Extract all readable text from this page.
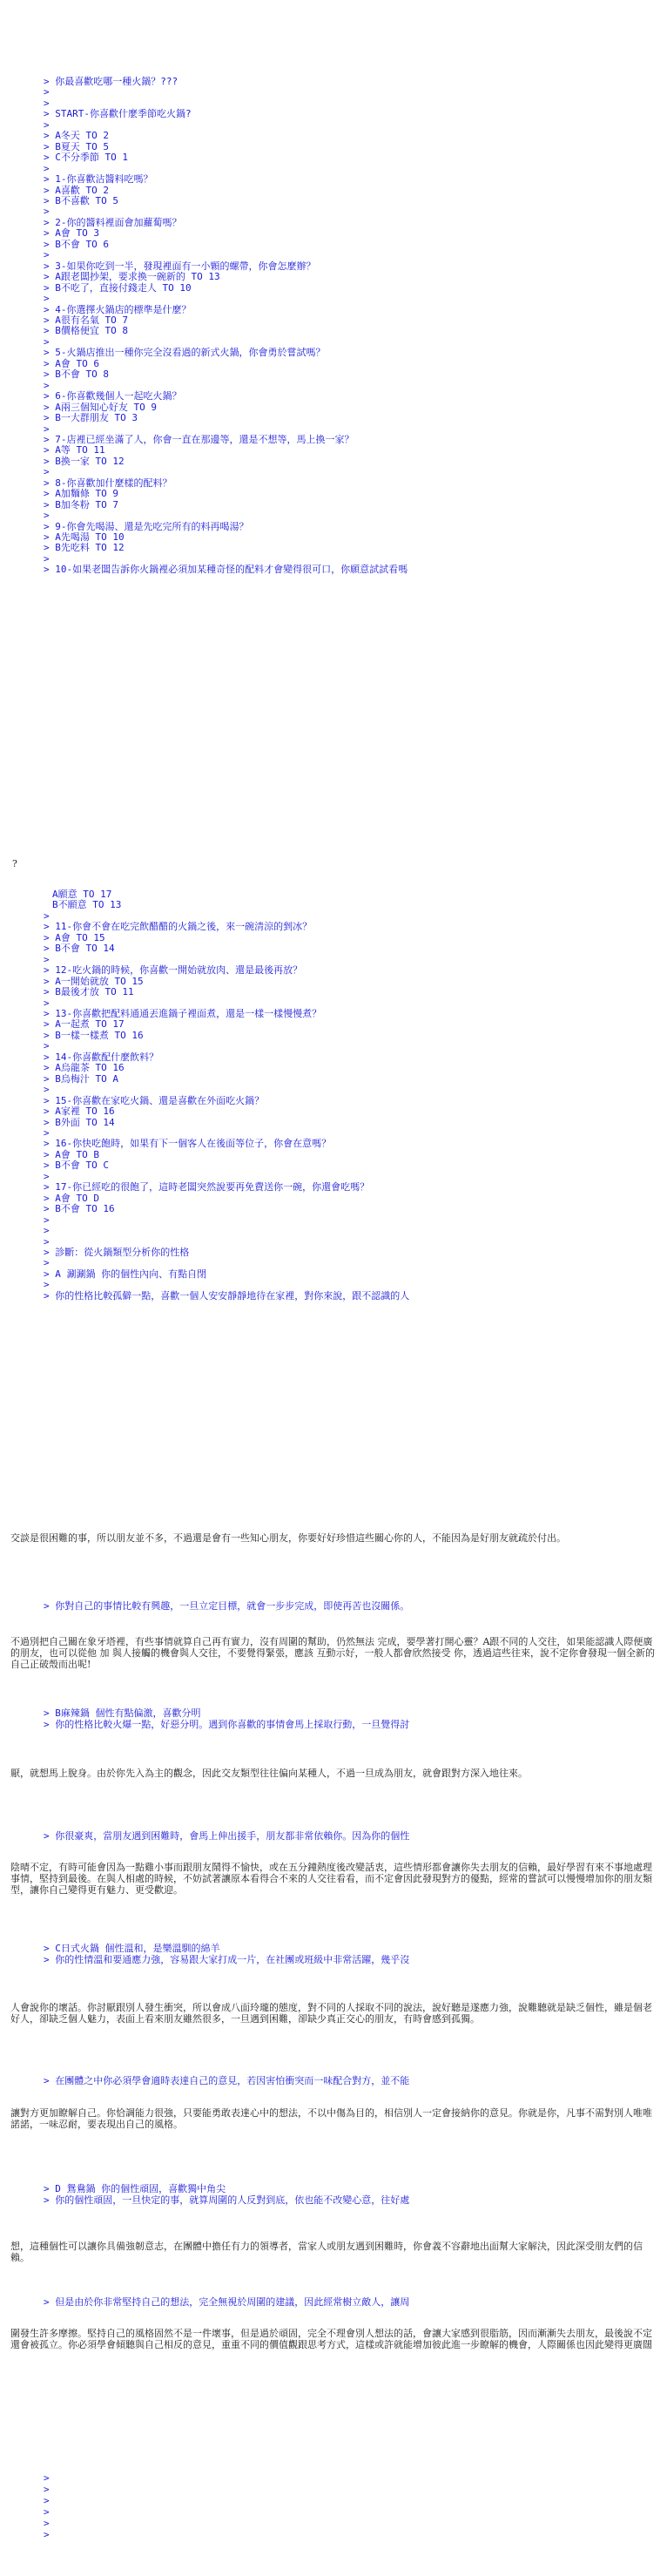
> 你最喜歡吃哪一種火鍋？???
>
>
> START-你喜歡什麼季節吃火鍋?
>
> A冬天 TO 2
> B夏天 TO 5
> C不分季節 TO 1
>
> 1-你喜歡沾醬料吃嗎？
> A喜歡 TO 2
> B不喜歡 TO 5
>
> 2-你的醬料裡面會加蘿蔔嗎？
> A會 TO 3
> B不會 TO 6
>
> 3-如果你吃到一半，發現裡面有一小顆的螺帶，你會怎麼辦？
> A跟老闆抄架，要求換一碗新的 TO 13
> B不吃了，直接付錢走人 TO 10
>
> 4-你選擇火鍋店的標準是什麼？
> A很有名氣 TO 7
> B價格便宜 TO 8
>
> 5-火鍋店推出一種你完全沒看過的新式火鍋，你會勇於嘗試嗎？
> A會 TO 6
> B不會 TO 8
>
> 6-你喜歡幾個人一起吃火鍋？
> A兩三個知心好友 TO 9
> B一大群朋友 TO 3
>
> 7-店裡已經坐滿了人，你會一直在那邊等，還是不想等，馬上換一家？
> A等 TO 11
> B換一家 TO 12
>
> 8-你喜歡加什麼樣的配料？
> A加麵條 TO 9
> B加冬粉 TO 7
>
> 9-你會先喝湯、還是先吃完所有的料再喝湯？
> A先喝湯 TO 10
> B先吃料 TO 12
>
> 10-如果老闆告訴你火鍋裡必須加某種奇怪的配料才會變得很可口，你願意試試看嗎
?
A願意 TO 17
B不願意 TO 13
>
> 11-你會不會在吃完飲醋醋的火鍋之後，來一碗清涼的剉冰？
> A會 TO 15
> B不會 TO 14
>
> 12-吃火鍋的時候，你喜歡一開始就放肉、還是最後再放？
> A一開始就放 TO 15
> B最後才放 TO 11
>
> 13-你喜歡把配料通通丟進鍋子裡面煮，還是一樣一樣慢慢煮？
> A一起煮 TO 17
> B一樣一樣煮 TO 16
>
> 14-你喜歡配什麼飲料？
> A烏龍茶 TO 16
> B烏梅汁 TO A
>
> 15-你喜歡在家吃火鍋、還是喜歡在外面吃火鍋？
> A家裡 TO 16
> B外面 TO 14
>
> 16-你快吃飽時，如果有下一個客人在後面等位子，你會在意嗎？
> A會 TO B
> B不會 TO C
>
> 17-你已經吃的很飽了，這時老闆突然說要再免費送你一碗，你還會吃嗎？
> A會 TO D
> B不會 TO 16
>
>
>
> 診斷：從火鍋類型分析你的性格
>
> A 涮涮鍋 你的個性內向、有點自閉
>
> 你的性格比較孤僻一點，喜歡一個人安安靜靜地待在家裡，對你來說，跟不認識的人
交談是很困難的事，所以朋友並不多，不過還是會有一些知心朋友，你要好好珍惜這些關心你的人，不能因為是好朋友就疏於付出。
> 你對自己的事情比較有興趣，一旦立定目標，就會一步步完成，即使再苦也沒關係。
不過別把自己關在象牙塔裡，有些事情就算自己再有實力，沒有周圍的幫助，仍然無法 完成，要學著打開心靈？A跟不同的人交往，如果能認識人際便廣的朋友，也可以從他 加 與人接觸的機會與人交往，不要覺得緊張，應該 互動示好，一般人都會欣然接受 你，透過這些往來，說不定你會發現一個全新的自己正破殼而出呢!
> B麻辣鍋 個性有點偏激，喜歡分明
> 你的性格比較火爆一點，好惡分明。遇到你喜歡的事情會馬上採取行動，一旦覺得討
厭，就想馬上脫身。由於你先入為主的觀念，因此交友類型往往偏向某種人，不過一旦成為朋友，就會跟對方深入地往來。
> 你很豪爽，當朋友遇到困難時，會馬上伸出援手，朋友都非常依賴你。因為你的個性
陰晴不定，有時可能會因為一點雞小事而跟朋友鬧得不愉快，或在五分鐘熱度後改變話衷，這些情形都會讓你失去朋友的信賴，最好學習有來不事地處理事情，堅持到最後。在與人相處的時候，不妨試著讓原本看得合不來的人交往看看，而不定會因此發現對方的優點，經常的嘗試可以慢慢增加你的朋友類型，讓你自己變得更有魅力、更受歡迎。
> C日式火鍋 個性溫和，是樂溫馴的綿羊
> 你的性情溫和要通應力強，容易跟大家打成一片，在社團或班級中非常活躍，幾乎沒
人會說你的壞話。你討厭跟別人發生衝突，所以會成八面玲瓏的態度，對不同的人採取不同的說法，說好聽是遂應力強，說難聽就是缺乏個性，雖是個老好人，卻缺乏個人魅力，表面上看來朋友雖然很多，一旦遇到困難，卻缺少真正交心的朋友，有時會感到孤獨。
> 在團體之中你必須學會適時表達自己的意見，若因害怕衝突而一味配合對方，並不能
讓對方更加瞭解自己。你恰調能力很強，只要能勇敢表達心中的想法，不以中傷為目的，相信別人一定會接納你的意見。你就是你，凡事不需對別人唯唯諾諾，一味忍耐，要表現出自己的風格。
> D 鴛鴦鍋 你的個性頑固，喜歡獨中角尖
> 你的個性頑固，一旦快定的事，就算周圍的人反對到底，依也能不改變心意，往好處
想，這種個性可以讓你具備強韌意志，在團體中擔任有力的領導者，當家人或朋友遇到困難時，你會義不容辭地出面幫大家解決，因此深受朋友們的信賴。
> 但是由於你非常堅持自己的想法，完全無視於周圍的建議，因此經常樹立敵人，讓周
圍發生許多摩擦。堅持自己的風格固然不是一件壞事，但是過於頑固，完全不理會別人想法的話，會讓大家感到很脂筋，因而漸漸失去朋友，最後說不定還會被孤立。你必須學會傾聽與自己相反的意見，重重不同的價值觀跟思考方式，這樣或許就能增加彼此進一步瞭解的機會，人際關係也因此變得更廣闊
>
>
>
>
>
>
